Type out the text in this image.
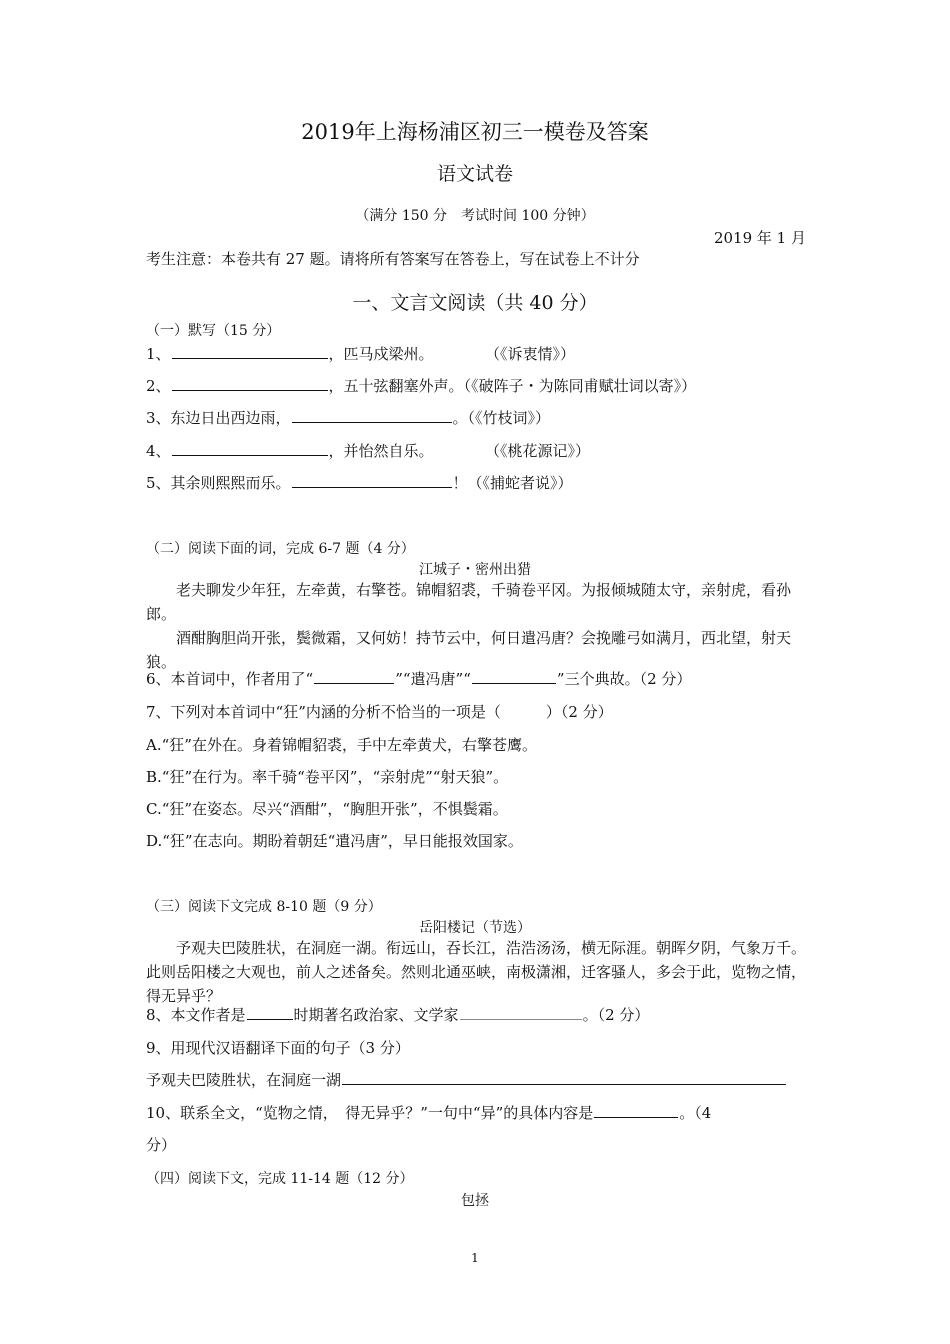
2019年上海杨浦区初三一模卷及答案
语文试卷
（满分 150 分　考试时间 100 分钟）
2019 年 1 月
考生注意：本卷共有 27 题。请将所有答案写在答卷上，写在试卷上不计分
一、文言文阅读（共 40 分）
（一）默写（15 分）
1、	，匹马戍梁州。	（《诉衷情》）
2、	，五十弦翻塞外声。（《破阵子・为陈同甫赋壮词以寄》）
3、东边日出西边雨，	。（《竹枝词》）
4、	，并怡然自乐。	（《桃花源记》）
5、其余则熙熙而乐。	！（《捕蛇者说》）
（二）阅读下面的词，完成 6-7 题（4 分）
江城子・密州出猎
老夫聊发少年狂，左牵黄，右擎苍。锦帽貂裘，千骑卷平冈。为报倾城随太守，亲射虎，看孙郎。
酒酣胸胆尚开张，鬓微霜，又何妨！持节云中，何日遣冯唐？会挽雕弓如满月，西北望，射天狼。
6、本首词中，作者用了“	”“遣冯唐”“	”三个典故。（2 分）
7、下列对本首词中“狂”内涵的分析不恰当的一项是（　　　）（2 分）
A.“狂”在外在。身着锦帽貂裘，手中左牵黄犬，右擎苍鹰。
B.“狂”在行为。率千骑“卷平冈”，“亲射虎”“射天狼”。
C.“狂”在姿态。尽兴“酒酣”，“胸胆开张”，不惧鬓霜。
D.“狂”在志向。期盼着朝廷“遣冯唐”，早日能报效国家。
（三）阅读下文完成 8-10 题（9 分）
岳阳楼记（节选）
予观夫巴陵胜状，在洞庭一湖。衔远山，吞长江，浩浩汤汤，横无际涯。朝晖夕阴，气象万千。此则岳阳楼之大观也，前人之述备矣。然则北通巫峡，南极潇湘，迁客骚人，多会于此，览物之情，得无异乎？
8、本文作者是	时期著名政治家、文学家	。（2 分）
9、用现代汉语翻译下面的句子（3 分）
予观夫巴陵胜状，在洞庭一湖
10、联系全文，“览物之情，　得无异乎？”一句中“异”的具体内容是	。（4
分）
（四）阅读下文，完成 11-14 题（12 分）
包拯
1
